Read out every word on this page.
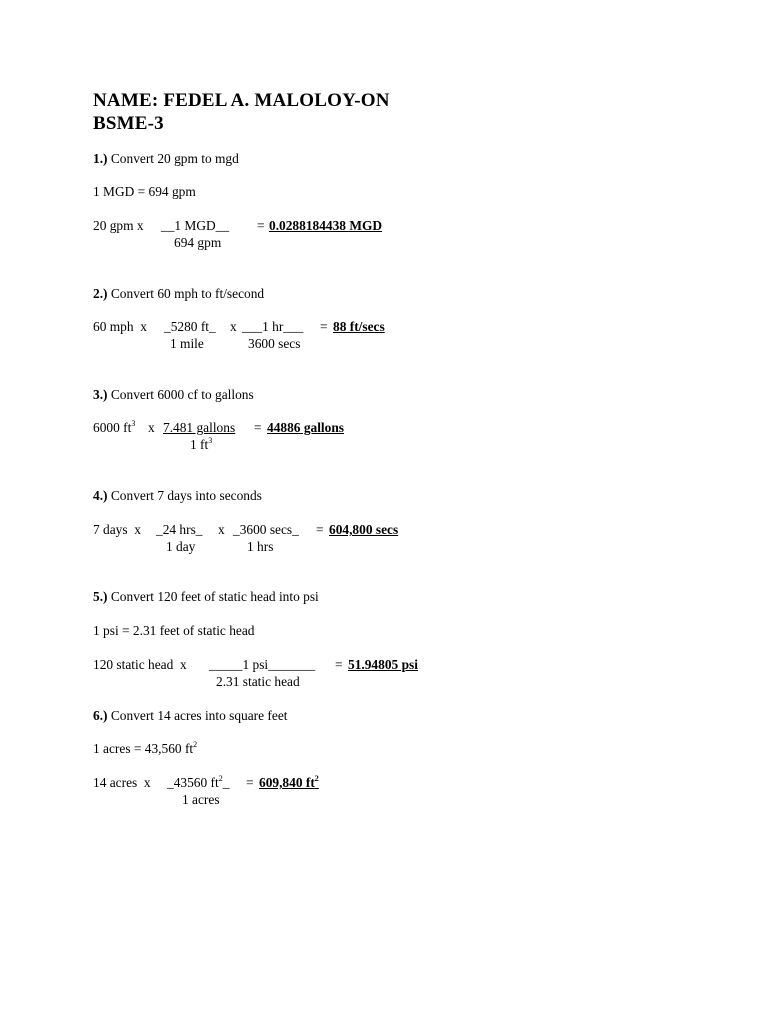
NAME: FEDEL A. MALOLOY-ON
BSME-3
1.) Convert 20 gpm to mgd
1 MGD = 694 gpm
20 gpm x __1 MGD__
694 gpm
= 0.0288184438 MGD
2.) Convert 60 mph to ft/second
60 mph  x _5280 ft_
1 mile
x ___1 hr___
3600 secs
= 88 ft/secs
3.) Convert 6000 cf to gallons
6000 $ft^3$ x 7.481 gallons
1 $ft^3$
= 44886 gallons
4.) Convert 7 days into seconds
7 days  x _24 hrs_
1 day
x _3600 secs_
1 hrs
= 604,800 secs
5.) Convert 120 feet of static head into psi
1 psi = 2.31 feet of static head
120 static head  x _____1 psi_______
2.31 static head
= 51.94805 psi
6.) Convert 14 acres into square feet
1 acres = 43,560 $ft^2$
14 acres  x _43560 $ft^2\_$
1 acres
= 609,840 $ft^2$
